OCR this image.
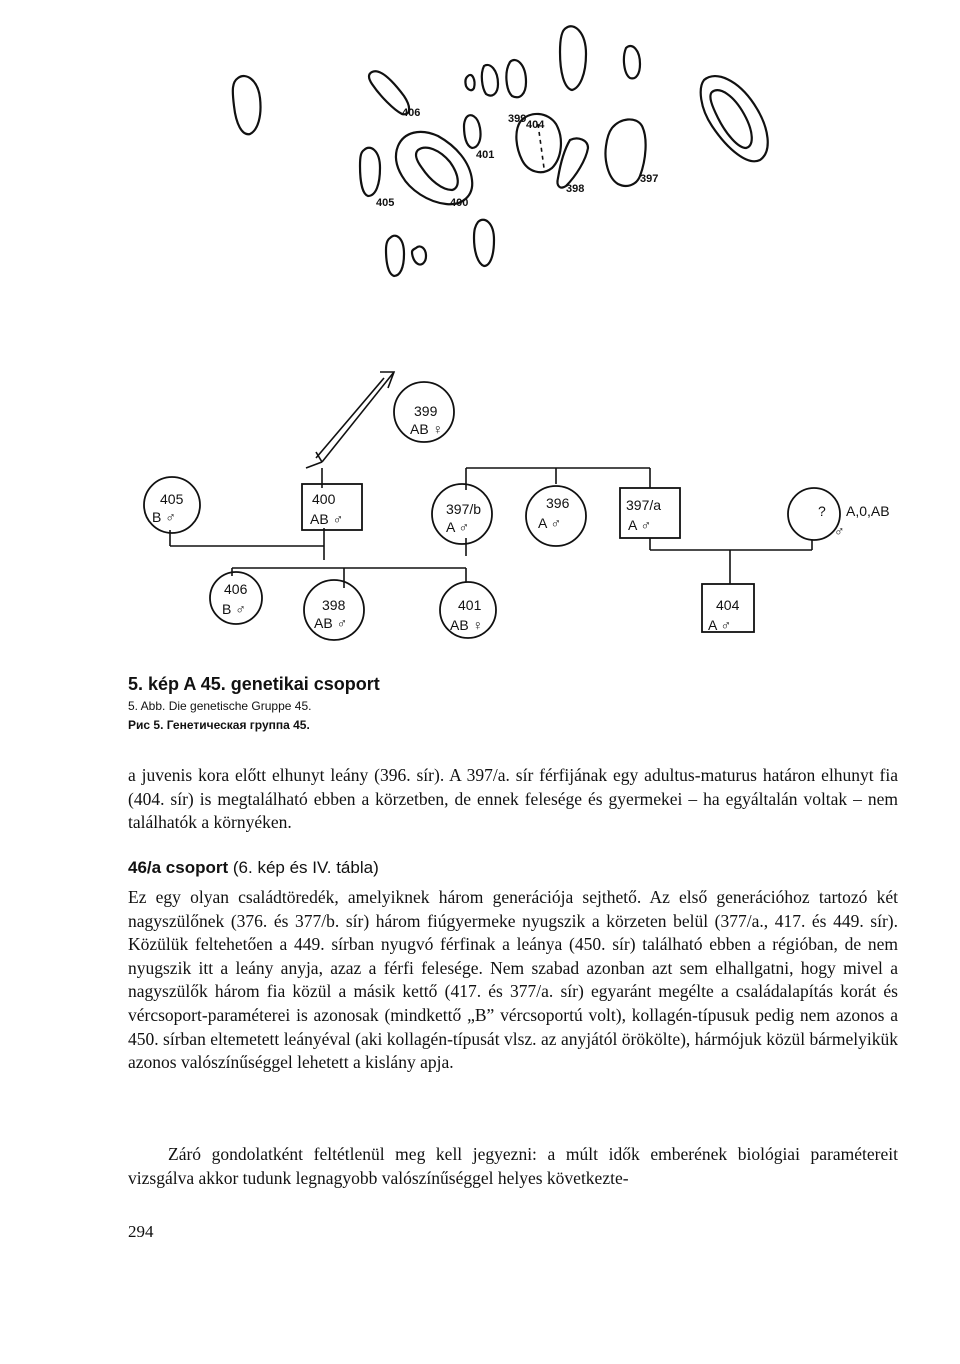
406
401
399 404
405	400
398
397
399
AB ♀
405
B ♂
400
AB ♂
397/b
A ♂
396
A ♂
397/a
A ♂
? A,0,AB
♂
406
B ♂	398
AB ♂
401
AB ♀
404
A ♂

5. kép A 45. genetikai csoport

5. Abb. Die genetische Gruppe 45.

Рис 5. Генетическая группа 45.

a juvenis kora előtt elhunyt leány (396. sír). A 397/a. sír férfijának egy adultus-maturus határon elhunyt fia (404. sír) is megtalálható ebben a körzetben, de ennek felesége és gyermekei – ha egyáltalán voltak – nem találhatók a környéken.

46/a csoport (6. kép és IV. tábla)

Ez egy olyan családtöredék, amelyiknek három generációja sejthető. Az első generációhoz tartozó két nagyszülőnek (376. és 377/b. sír) három fiúgyermeke nyugszik a körzeten belül (377/a., 417. és 449. sír). Közülük feltehetően a 449. sírban nyugvó férfinak a leánya (450. sír) található ebben a régióban, de nem nyugszik itt a leány anyja, azaz a férfi felesége. Nem szabad azonban azt sem elhallgatni, hogy mivel a nagyszülők három fia közül a másik kettő (417. és 377/a. sír) egyaránt megélte a családalapítás korát és vércsoport-paraméterei is azonosak (mindkettő „B” vércsoportú volt), kollagén-típusuk pedig nem azonos a 450. sírban eltemetett leányéval (aki kollagén-típusát vlsz. az anyjától örökölte), hármójuk közül bármelyikük azonos valószínűséggel lehetett a kislány apja.

Záró gondolatként feltétlenül meg kell jegyezni: a múlt idők emberének biológiai paramétereit vizsgálva akkor tudunk legnagyobb valószínűséggel helyes következte-

294
